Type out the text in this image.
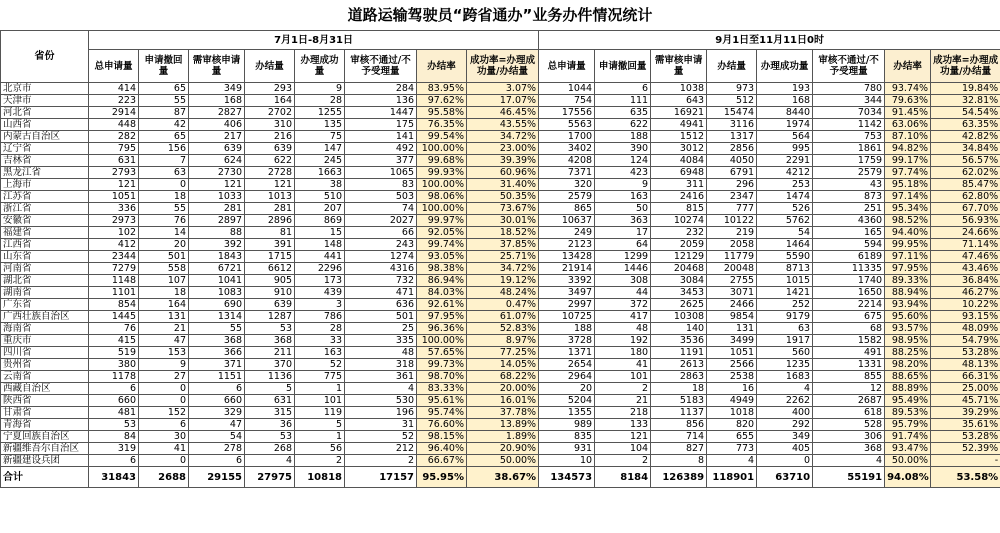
道路运输驾驶员“跨省通办”业务办件情况统计
省份	7月1日-8月31日								9月1日至11月11日0时							
	总申请量	申请撤回量	需审核申请量	办结量	办理成功量	审核不通过/不予受理量	办结率	成功率=办理成功量/办结量	总申请量	申请撤回量	需审核申请量	办结量	办理成功量	审核不通过/不予受理量	办结率	成功率=办理成功量/办结量
北京市	414	65	349	293	9	284	83.95%	3.07%	1044	6	1038	973	193	780	93.74%	19.84%
天津市	223	55	168	164	28	136	97.62%	17.07%	754	111	643	512	168	344	79.63%	32.81%
河北省	2914	87	2827	2702	1255	1447	95.58%	46.45%	17556	635	16921	15474	8440	7034	91.45%	54.54%
山西省	448	42	406	310	135	175	76.35%	43.55%	5563	622	4941	3116	1974	1142	63.06%	63.35%
内蒙古自治区	282	65	217	216	75	141	99.54%	34.72%	1700	188	1512	1317	564	753	87.10%	42.82%
辽宁省	795	156	639	639	147	492	100.00%	23.00%	3402	390	3012	2856	995	1861	94.82%	34.84%
吉林省	631	7	624	622	245	377	99.68%	39.39%	4208	124	4084	4050	2291	1759	99.17%	56.57%
黑龙江省	2793	63	2730	2728	1663	1065	99.93%	60.96%	7371	423	6948	6791	4212	2579	97.74%	62.02%
上海市	121	0	121	121	38	83	100.00%	31.40%	320	9	311	296	253	43	95.18%	85.47%
江苏省	1051	18	1033	1013	510	503	98.06%	50.35%	2579	163	2416	2347	1474	873	97.14%	62.80%
浙江省	336	55	281	281	207	74	100.00%	73.67%	865	50	815	777	526	251	95.34%	67.70%
安徽省	2973	76	2897	2896	869	2027	99.97%	30.01%	10637	363	10274	10122	5762	4360	98.52%	56.93%
福建省	102	14	88	81	15	66	92.05%	18.52%	249	17	232	219	54	165	94.40%	24.66%
江西省	412	20	392	391	148	243	99.74%	37.85%	2123	64	2059	2058	1464	594	99.95%	71.14%
山东省	2344	501	1843	1715	441	1274	93.05%	25.71%	13428	1299	12129	11779	5590	6189	97.11%	47.46%
河南省	7279	558	6721	6612	2296	4316	98.38%	34.72%	21914	1446	20468	20048	8713	11335	97.95%	43.46%
湖北省	1148	107	1041	905	173	732	86.94%	19.12%	3392	308	3084	2755	1015	1740	89.33%	36.84%
湖南省	1101	18	1083	910	439	471	84.03%	48.24%	3497	44	3453	3071	1421	1650	88.94%	46.27%
广东省	854	164	690	639	3	636	92.61%	0.47%	2997	372	2625	2466	252	2214	93.94%	10.22%
广西壮族自治区	1445	131	1314	1287	786	501	97.95%	61.07%	10725	417	10308	9854	9179	675	95.60%	93.15%
海南省	76	21	55	53	28	25	96.36%	52.83%	188	48	140	131	63	68	93.57%	48.09%
重庆市	415	47	368	368	33	335	100.00%	8.97%	3728	192	3536	3499	1917	1582	98.95%	54.79%
四川省	519	153	366	211	163	48	57.65%	77.25%	1371	180	1191	1051	560	491	88.25%	53.28%
贵州省	380	9	371	370	52	318	99.73%	14.05%	2654	41	2613	2566	1235	1331	98.20%	48.13%
云南省	1178	27	1151	1136	775	361	98.70%	68.22%	2964	101	2863	2538	1683	855	88.65%	66.31%
西藏自治区	6	0	6	5	1	4	83.33%	20.00%	20	2	18	16	4	12	88.89%	25.00%
陕西省	660	0	660	631	101	530	95.61%	16.01%	5204	21	5183	4949	2262	2687	95.49%	45.71%
甘肃省	481	152	329	315	119	196	95.74%	37.78%	1355	218	1137	1018	400	618	89.53%	39.29%
青海省	53	6	47	36	5	31	76.60%	13.89%	989	133	856	820	292	528	95.79%	35.61%
宁夏回族自治区	84	30	54	53	1	52	98.15%	1.89%	835	121	714	655	349	306	91.74%	53.28%
新疆维吾尔自治区	319	41	278	268	56	212	96.40%	20.90%	931	104	827	773	405	368	93.47%	52.39%
新疆建设兵团	6	0	6	4	2	2	66.67%	50.00%	10	2	8	4	0	4	50.00%	-
合计	31843	2688	29155	27975	10818	17157	95.95%	38.67%	134573	8184	126389	118901	63710	55191	94.08%	53.58%
